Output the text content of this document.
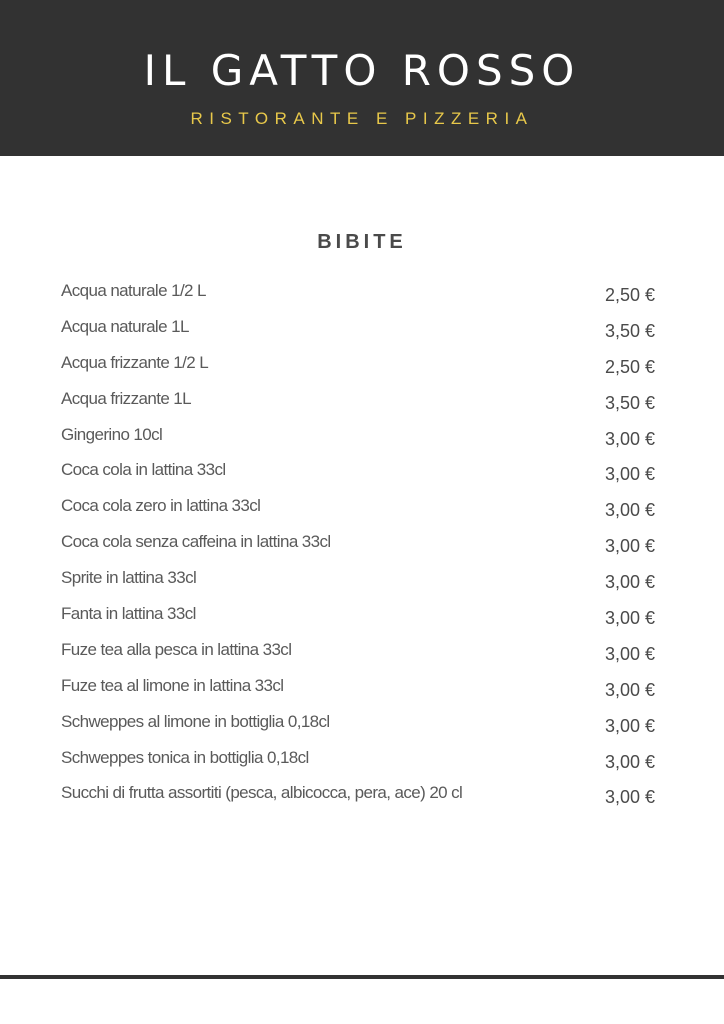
IL GATTO ROSSO
RISTORANTE E PIZZERIA
BIBITE
Acqua naturale 1/2 L	2,50 €
Acqua naturale 1L	3,50 €
Acqua frizzante 1/2 L	2,50 €
Acqua frizzante 1L	3,50 €
Gingerino 10cl	3,00 €
Coca cola in lattina 33cl	3,00 €
Coca cola zero in lattina 33cl	3,00 €
Coca cola senza caffeina in lattina 33cl	3,00 €
Sprite in lattina 33cl	3,00 €
Fanta in lattina 33cl	3,00 €
Fuze tea alla pesca in lattina 33cl	3,00 €
Fuze tea al limone in lattina 33cl	3,00 €
Schweppes al limone in bottiglia 0,18cl	3,00 €
Schweppes tonica in bottiglia 0,18cl	3,00 €
Succhi di frutta assortiti (pesca, albicocca, pera, ace) 20 cl	3,00 €
